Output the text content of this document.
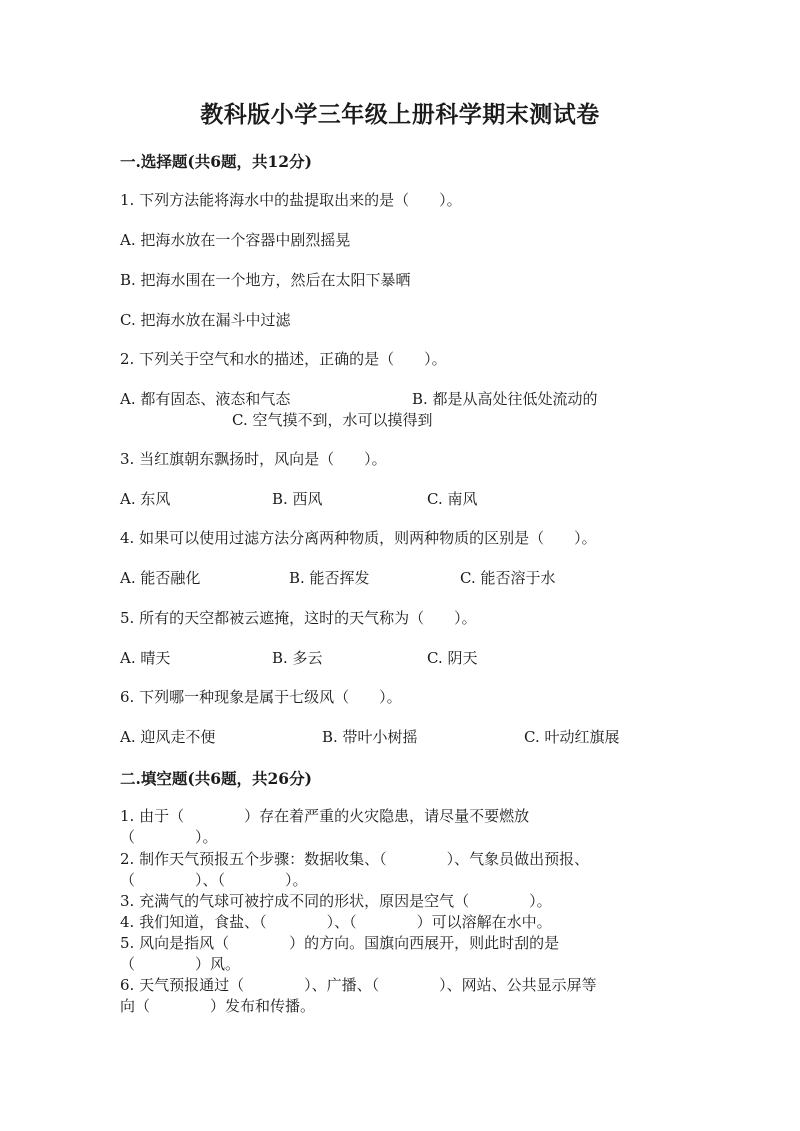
教科版小学三年级上册科学期末测试卷
一.选择题(共6题，共12分)
1. 下列方法能将海水中的盐提取出来的是（　　）。
A. 把海水放在一个容器中剧烈摇晃
B. 把海水围在一个地方，然后在太阳下暴晒
C. 把海水放在漏斗中过滤
2. 下列关于空气和水的描述，正确的是（　　）。
A. 都有固态、液态和气态	B. 都是从高处往低处流动的
C. 空气摸不到，水可以摸得到
3. 当红旗朝东飘扬时，风向是（　　）。
A. 东风	B. 西风	C. 南风
4. 如果可以使用过滤方法分离两种物质，则两种物质的区别是（　　）。
A. 能否融化	B. 能否挥发	C. 能否溶于水
5. 所有的天空都被云遮掩，这时的天气称为（　　）。
A. 晴天	B. 多云	C. 阴天
6. 下列哪一种现象是属于七级风（　　）。
A. 迎风走不便	B. 带叶小树摇	C. 叶动红旗展
二.填空题(共6题，共26分)
1. 由于（　　　　）存在着严重的火灾隐患，请尽量不要燃放
（　　　　）。
2. 制作天气预报五个步骤：数据收集、（　　　　）、气象员做出预报、
（　　　　）、（　　　　）。
3. 充满气的气球可被拧成不同的形状，原因是空气（　　　　）。
4. 我们知道，食盐、（　　　　）、（　　　　）可以溶解在水中。
5. 风向是指风（　　　　）的方向。国旗向西展开，则此时刮的是
（　　　　）风。
6. 天气预报通过（　　　　）、广播、（　　　　）、网站、公共显示屏等
向（　　　　）发布和传播。
